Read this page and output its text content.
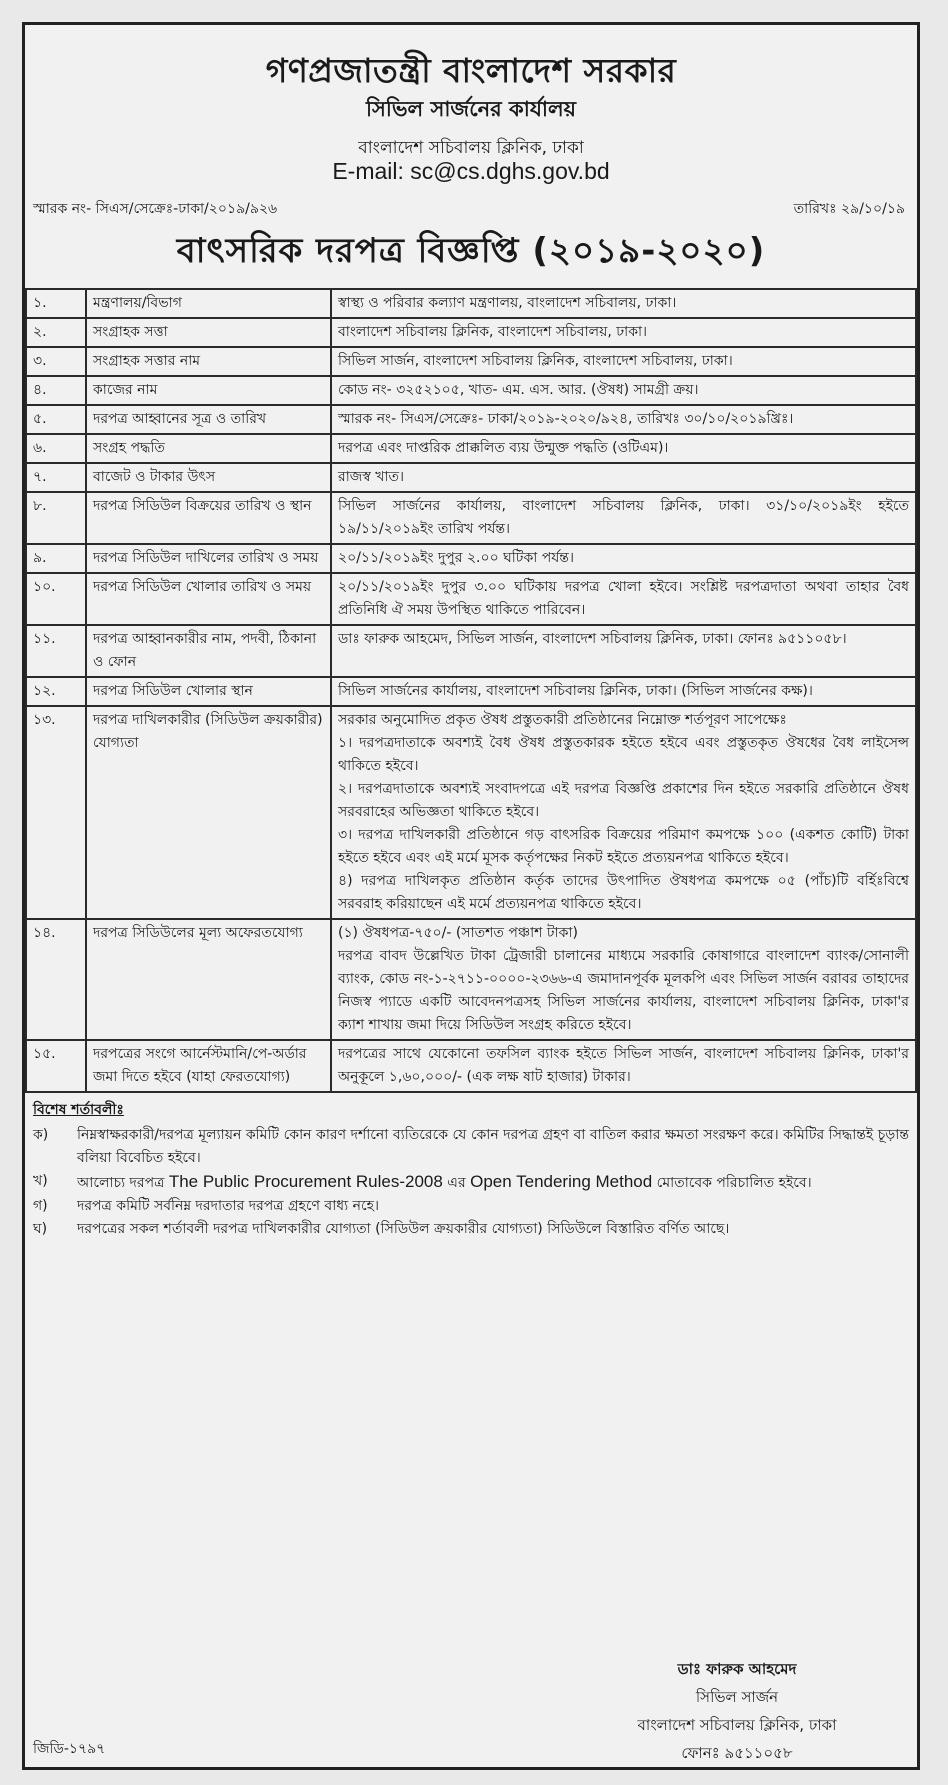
গণপ্রজাতন্ত্রী বাংলাদেশ সরকার
সিভিল সার্জনের কার্যালয়
বাংলাদেশ সচিবালয় ক্লিনিক, ঢাকা
E-mail: sc@cs.dghs.gov.bd
স্মারক নং- সিএস/সেক্রেঃ-ঢাকা/২০১৯/৯২৬	তারিখঃ ২৯/১০/১৯
বাৎসরিক দরপত্র বিজ্ঞপ্তি (২০১৯-২০২০)
১.	মন্ত্রণালয়/বিভাগ	স্বাস্থ্য ও পরিবার কল্যাণ মন্ত্রণালয়, বাংলাদেশ সচিবালয়, ঢাকা।
২.	সংগ্রাহক সত্তা	বাংলাদেশ সচিবালয় ক্লিনিক, বাংলাদেশ সচিবালয়, ঢাকা।
৩.	সংগ্রাহক সত্তার নাম	সিভিল সার্জন, বাংলাদেশ সচিবালয় ক্লিনিক, বাংলাদেশ সচিবালয়, ঢাকা।
৪.	কাজের নাম	কোড নং- ৩২৫২১০৫, খাত- এম. এস. আর. (ঔষধ) সামগ্রী ক্রয়।
৫.	দরপত্র আহ্বানের সূত্র ও তারিখ	স্মারক নং- সিএস/সেক্রেঃ- ঢাকা/২০১৯-২০২০/৯২৪, তারিখঃ ৩০/১০/২০১৯খ্রিঃ।
৬.	সংগ্রহ পদ্ধতি	দরপত্র এবং দাপ্তরিক প্রাক্কলিত ব্যয় উন্মুক্ত পদ্ধতি (ওটিএম)।
৭.	বাজেট ও টাকার উৎস	রাজস্ব খাত।
৮.	দরপত্র সিডিউল বিক্রয়ের তারিখ ও স্থান	সিভিল সার্জনের কার্যালয়, বাংলাদেশ সচিবালয় ক্লিনিক, ঢাকা। ৩১/১০/২০১৯ইং হইতে ১৯/১১/২০১৯ইং তারিখ পর্যন্ত।
৯.	দরপত্র সিডিউল দাখিলের তারিখ ও সময়	২০/১১/২০১৯ইং দুপুর ২.০০ ঘটিকা পর্যন্ত।
১০.	দরপত্র সিডিউল খোলার তারিখ ও সময়	২০/১১/২০১৯ইং দুপুর ৩.০০ ঘটিকায় দরপত্র খোলা হইবে। সংশ্লিষ্ট দরপত্রদাতা অথবা তাহার বৈধ প্রতিনিধি ঐ সময় উপস্থিত থাকিতে পারিবেন।
১১.	দরপত্র আহ্বানকারীর নাম, পদবী, ঠিকানা ও ফোন	ডাঃ ফারুক আহমেদ, সিভিল সার্জন, বাংলাদেশ সচিবালয় ক্লিনিক, ঢাকা। ফোনঃ ৯৫১১০৫৮।
১২.	দরপত্র সিডিউল খোলার স্থান	সিভিল সার্জনের কার্যালয়, বাংলাদেশ সচিবালয় ক্লিনিক, ঢাকা। (সিভিল সার্জনের কক্ষ)।
১৩.	দরপত্র দাখিলকারীর (সিডিউল ক্রয়কারীর) যোগ্যতা	সরকার অনুমোদিত প্রকৃত ঔষধ প্রস্তুতকারী প্রতিষ্ঠানের নিম্নোক্ত শর্তপূরণ সাপেক্ষেঃ
১। দরপত্রদাতাকে অবশ্যই বৈধ ঔষধ প্রস্তুতকারক হইতে হইবে এবং প্রস্তুতকৃত ঔষধের বৈধ লাইসেন্স থাকিতে হইবে।
২। দরপত্রদাতাকে অবশ্যই সংবাদপত্রে এই দরপত্র বিজ্ঞপ্তি প্রকাশের দিন হইতে সরকারি প্রতিষ্ঠানে ঔষধ সরবরাহের অভিজ্ঞতা থাকিতে হইবে।
৩। দরপত্র দাখিলকারী প্রতিষ্ঠানে গড় বাৎসরিক বিক্রয়ের পরিমাণ কমপক্ষে ১০০ (একশত কোটি) টাকা হইতে হইবে এবং এই মর্মে মূসক কর্তৃপক্ষের নিকট হইতে প্রত্যয়নপত্র থাকিতে হইবে।
৪) দরপত্র দাখিলকৃত প্রতিষ্ঠান কর্তৃক তাদের উৎপাদিত ঔষধপত্র কমপক্ষে ০৫ (পাঁচ)টি বর্হিঃবিশ্বে সরবরাহ করিয়াছেন এই মর্মে প্রত্যয়নপত্র থাকিতে হইবে।

১৪.	দরপত্র সিডিউলের মূল্য অফেরতযোগ্য	(১) ঔষধপত্র-৭৫০/- (সাতশত পঞ্চাশ টাকা)
দরপত্র বাবদ উল্লেখিত টাকা ট্রেজারী চালানের মাধ্যমে সরকারি কোষাগারে বাংলাদেশ ব্যাংক/সোনালী ব্যাংক, কোড নং-১-২৭১১-০০০০-২৩৬৬-এ জমাদানপূর্বক মূলকপি এবং সিভিল সার্জন বরাবর তাহাদের নিজস্ব প্যাডে একটি আবেদনপত্রসহ সিভিল সার্জনের কার্যালয়, বাংলাদেশ সচিবালয় ক্লিনিক, ঢাকা'র ক্যাশ শাখায় জমা দিয়ে সিডিউল সংগ্রহ করিতে হইবে।

১৫.	দরপত্রের সংগে আর্নেস্টমানি/পে-অর্ডার জমা দিতে হইবে (যাহা ফেরতযোগ্য)	দরপত্রের সাথে যেকোনো তফসিল ব্যাংক হইতে সিভিল সার্জন, বাংলাদেশ সচিবালয় ক্লিনিক, ঢাকা'র অনুকূলে ১,৬০,০০০/- (এক লক্ষ ষাট হাজার) টাকার।
বিশেষ শর্তাবলীঃ
ক)	নিম্নস্বাক্ষরকারী/দরপত্র মূল্যায়ন কমিটি কোন কারণ দর্শানো ব্যতিরেকে যে কোন দরপত্র গ্রহণ বা বাতিল করার ক্ষমতা সংরক্ষণ করে। কমিটির সিদ্ধান্তই চূড়ান্ত বলিয়া বিবেচিত হইবে।
খ)	আলোচ্য দরপত্র The Public Procurement Rules-2008 এর Open Tendering Method মোতাবেক পরিচালিত হইবে।
গ)	দরপত্র কমিটি সর্বনিম্ন দরদাতার দরপত্র গ্রহণে বাধ্য নহে।
ঘ)	দরপত্রের সকল শর্তাবলী দরপত্র দাখিলকারীর যোগ্যতা (সিডিউল ক্রয়কারীর যোগ্যতা) সিডিউলে বিস্তারিত বর্ণিত আছে।
ডাঃ ফারুক আহমেদ
সিভিল সার্জন
বাংলাদেশ সচিবালয় ক্লিনিক, ঢাকা
ফোনঃ ৯৫১১০৫৮
জিডি-১৭৯৭
